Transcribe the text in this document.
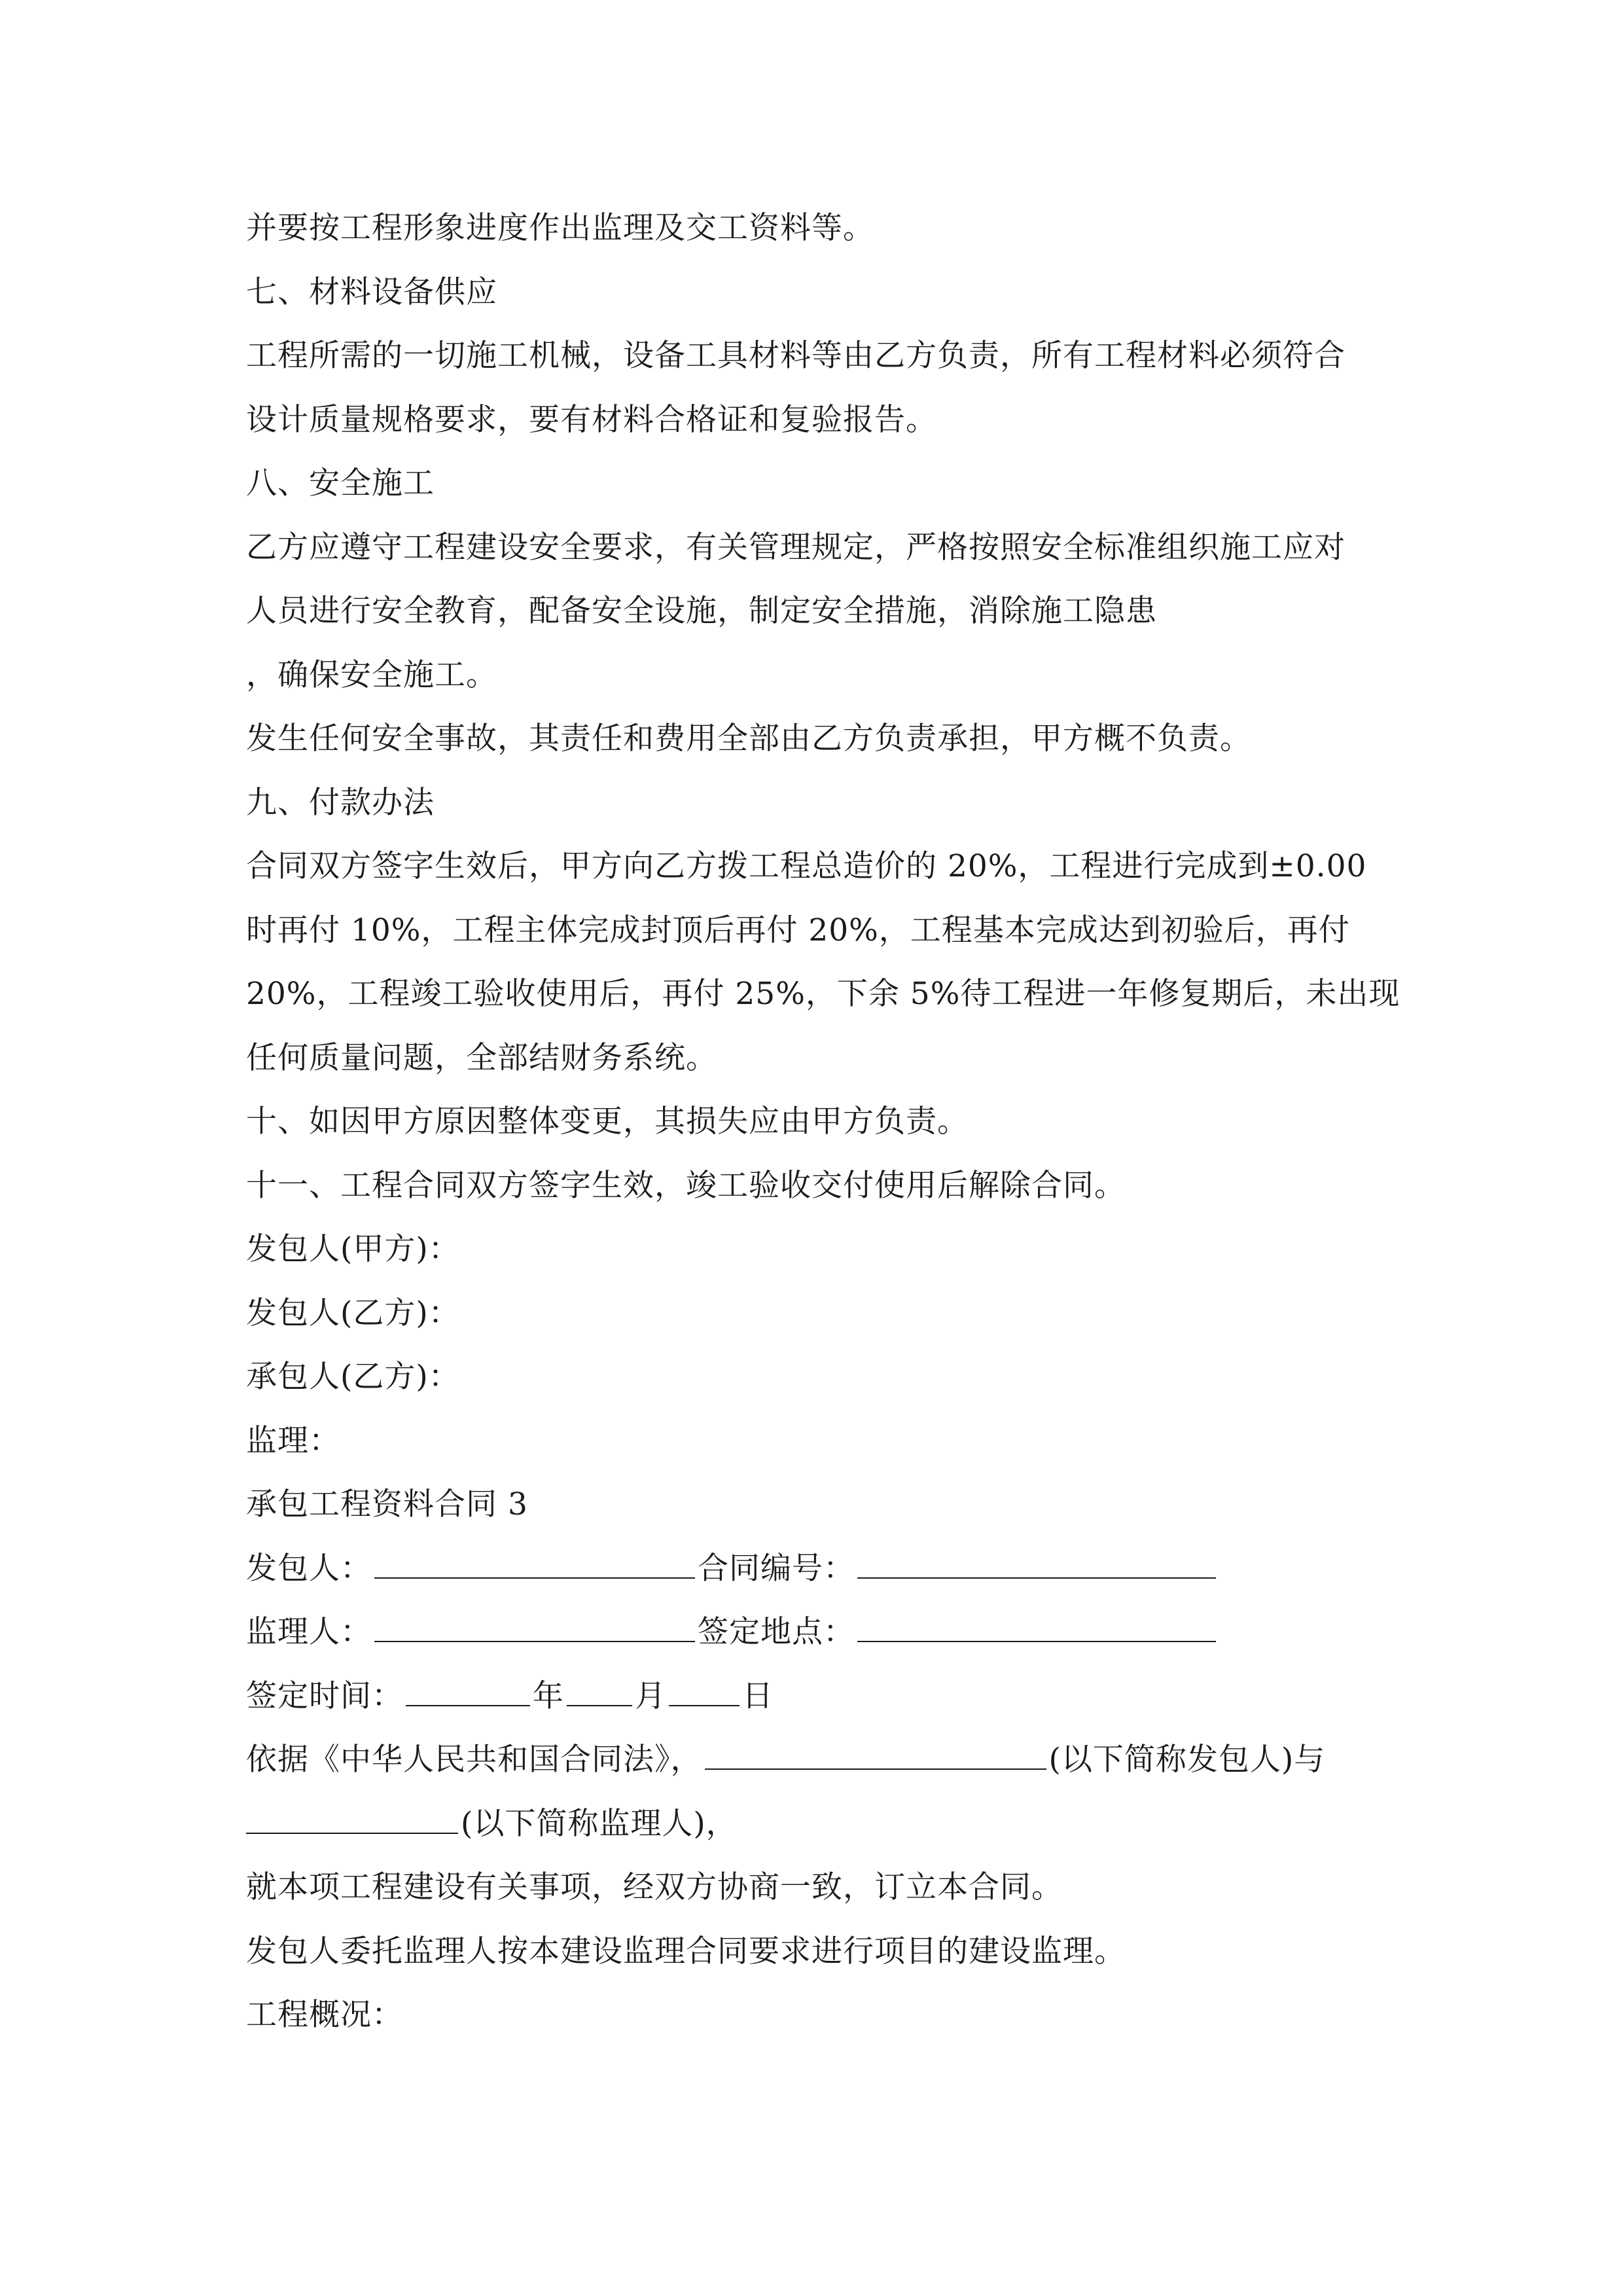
并要按工程形象进度作出监理及交工资料等。
七、材料设备供应
工程所需的一切施工机械，设备工具材料等由乙方负责，所有工程材料必须符合
设计质量规格要求，要有材料合格证和复验报告。
八、安全施工
乙方应遵守工程建设安全要求，有关管理规定，严格按照安全标准组织施工应对
人员进行安全教育，配备安全设施，制定安全措施，消除施工隐患
，确保安全施工。
发生任何安全事故，其责任和费用全部由乙方负责承担，甲方概不负责。
九、付款办法
合同双方签字生效后，甲方向乙方拨工程总造价的 20%，工程进行完成到±0.00
时再付 10%，工程主体完成封顶后再付 20%，工程基本完成达到初验后，再付
20%，工程竣工验收使用后，再付 25%，下余 5%待工程进一年修复期后，未出现
任何质量问题，全部结财务系统。
十、如因甲方原因整体变更，其损失应由甲方负责。
十一、工程合同双方签字生效，竣工验收交付使用后解除合同。
发包人(甲方)：
发包人(乙方)：
承包人(乙方)：
监理：
承包工程资料合同 3
发包人：	合同编号：
监理人：	签定地点：
签定时间：	年 月 日
依据《中华人民共和国合同法》，	(以下简称发包人)与
(以下简称监理人)，
就本项工程建设有关事项，经双方协商一致，订立本合同。
发包人委托监理人按本建设监理合同要求进行项目的建设监理。
工程概况：
